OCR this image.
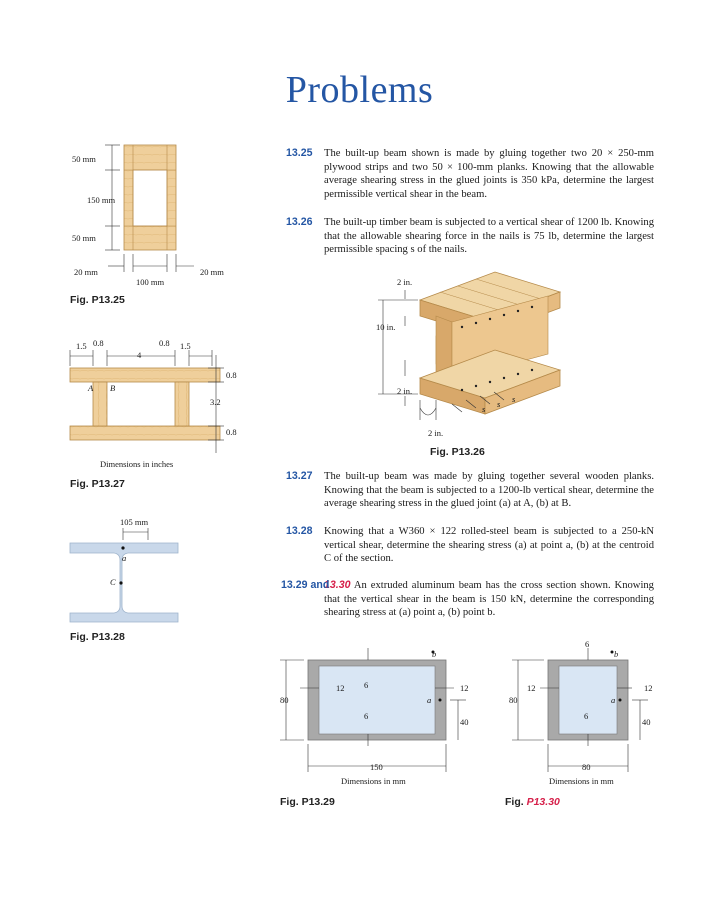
Problems
13.25 The built-up beam shown is made by gluing together two 20 × 250-mm plywood strips and two 50 × 100-mm planks. Knowing that the allowable average shearing stress in the glued joints is 350 kPa, determine the largest permissible vertical shear in the beam.
13.26 The built-up timber beam is subjected to a vertical shear of 1200 lb. Knowing that the allowable shearing force in the nails is 75 lb, determine the largest permissible spacing s of the nails.
13.27 The built-up beam was made by gluing together several wooden planks. Knowing that the beam is subjected to a 1200-lb vertical shear, determine the average shearing stress in the glued joint (a) at A, (b) at B.
13.28 Knowing that a W360 × 122 rolled-steel beam is subjected to a 250-kN vertical shear, determine the shearing stress (a) at point a, (b) at the centroid C of the section.
13.29 and
13.30 An extruded aluminum beam has the cross section shown. Knowing that the vertical shear in the beam is 150 kN, determine the corresponding shearing stress at (a) point a, (b) point b.
50 mm
150 mm
50 mm
20 mm
100 mm
20 mm
Fig. P13.25
1.5 0.8
4
0.8 1.5
0.8
3.2
0.8
A B
Dimensions in inches
Fig. P13.27
105 mm
a
C
Fig. P13.28
2 in.
10 in.
2 in.
2 in.
s s s
Fig. P13.26
80
12 6	12
6
40
150
a
b
Dimensions in mm
Fig. P13.29
6
12
80
12
6
40
80
a
b
Dimensions in mm
Fig. P13.30
